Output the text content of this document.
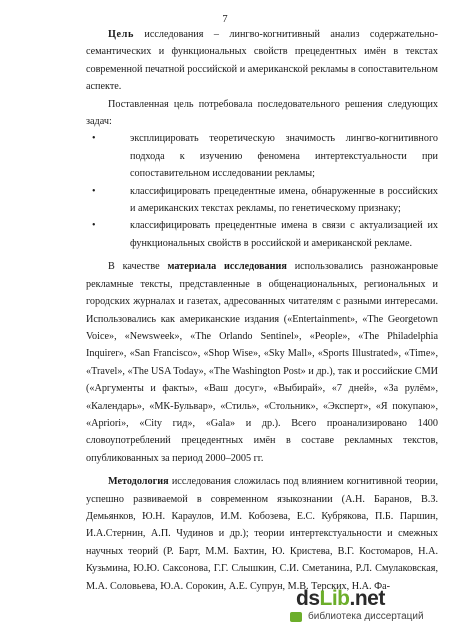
7

Цель исследования – лингво-когнитивный анализ содержательно-семантических и функциональных свойств прецедентных имён в текстах современной печатной российской и американской рекламы в сопоставительном аспекте.

Поставленная цель потребовала последовательного решения следующих задач:

•	эксплицировать теоретическую значимость лингво-когнитивного подхода к изучению феномена интертекстуальности при сопоставительном исследовании рекламы;
•	классифицировать прецедентные имена, обнаруженные в российских и американских текстах рекламы, по генетическому признаку;
•	классифицировать прецедентные имена в связи с актуализацией их функциональных свойств в российской и американской рекламе.

В качестве материала исследования использовались разножанровые рекламные тексты, представленные в общенациональных, региональных и городских журналах и газетах, адресованных читателям с разными интересами. Использовались как американские издания («Entertainment», «The Georgetown Voice», «Newsweek», «The Orlando Sentinel», «People», «The Philadelphia Inquirer», «San Francisco», «Shop Wise», «Sky Mall», «Sports Illustrated», «Time», «Travel», «The USA Today», «The Washington Post» и др.), так и российские СМИ («Аргументы и факты», «Ваш досуг», «Выбирай», «7 дней», «За рулём», «Календарь», «МК-Бульвар», «Стиль», «Стольник», «Эксперт», «Я покупаю», «Apriori», «City гид», «Gala» и др.). Всего проанализировано 1400 словоупотреблений прецедентных имён в составе рекламных текстов, опубликованных за период 2000–2005 гг.

Методология исследования сложилась под влиянием когнитивной теории, успешно развиваемой в современном языкознании (А.Н. Баранов, В.З. Демьянков, Ю.Н. Караулов, И.М. Кобозева, Е.С. Кубрякова, П.Б. Паршин, И.А.Стернин, А.П. Чудинов и др.); теории интертекстуальности и смежных научных теорий (Р. Барт, М.М. Бахтин, Ю. Кристева, В.Г. Костомаров, Н.А. Кузьмина, Ю.Ю. Саксонова, Г.Г. Слышкин, С.И. Сметанина, Р.Л. Смулаковская, М.А. Соловьева, Ю.А. Сорокин, А.Е. Супрун, М.В. Терских, Н.А. Фа-

dsLib.net
библиотека диссертаций
